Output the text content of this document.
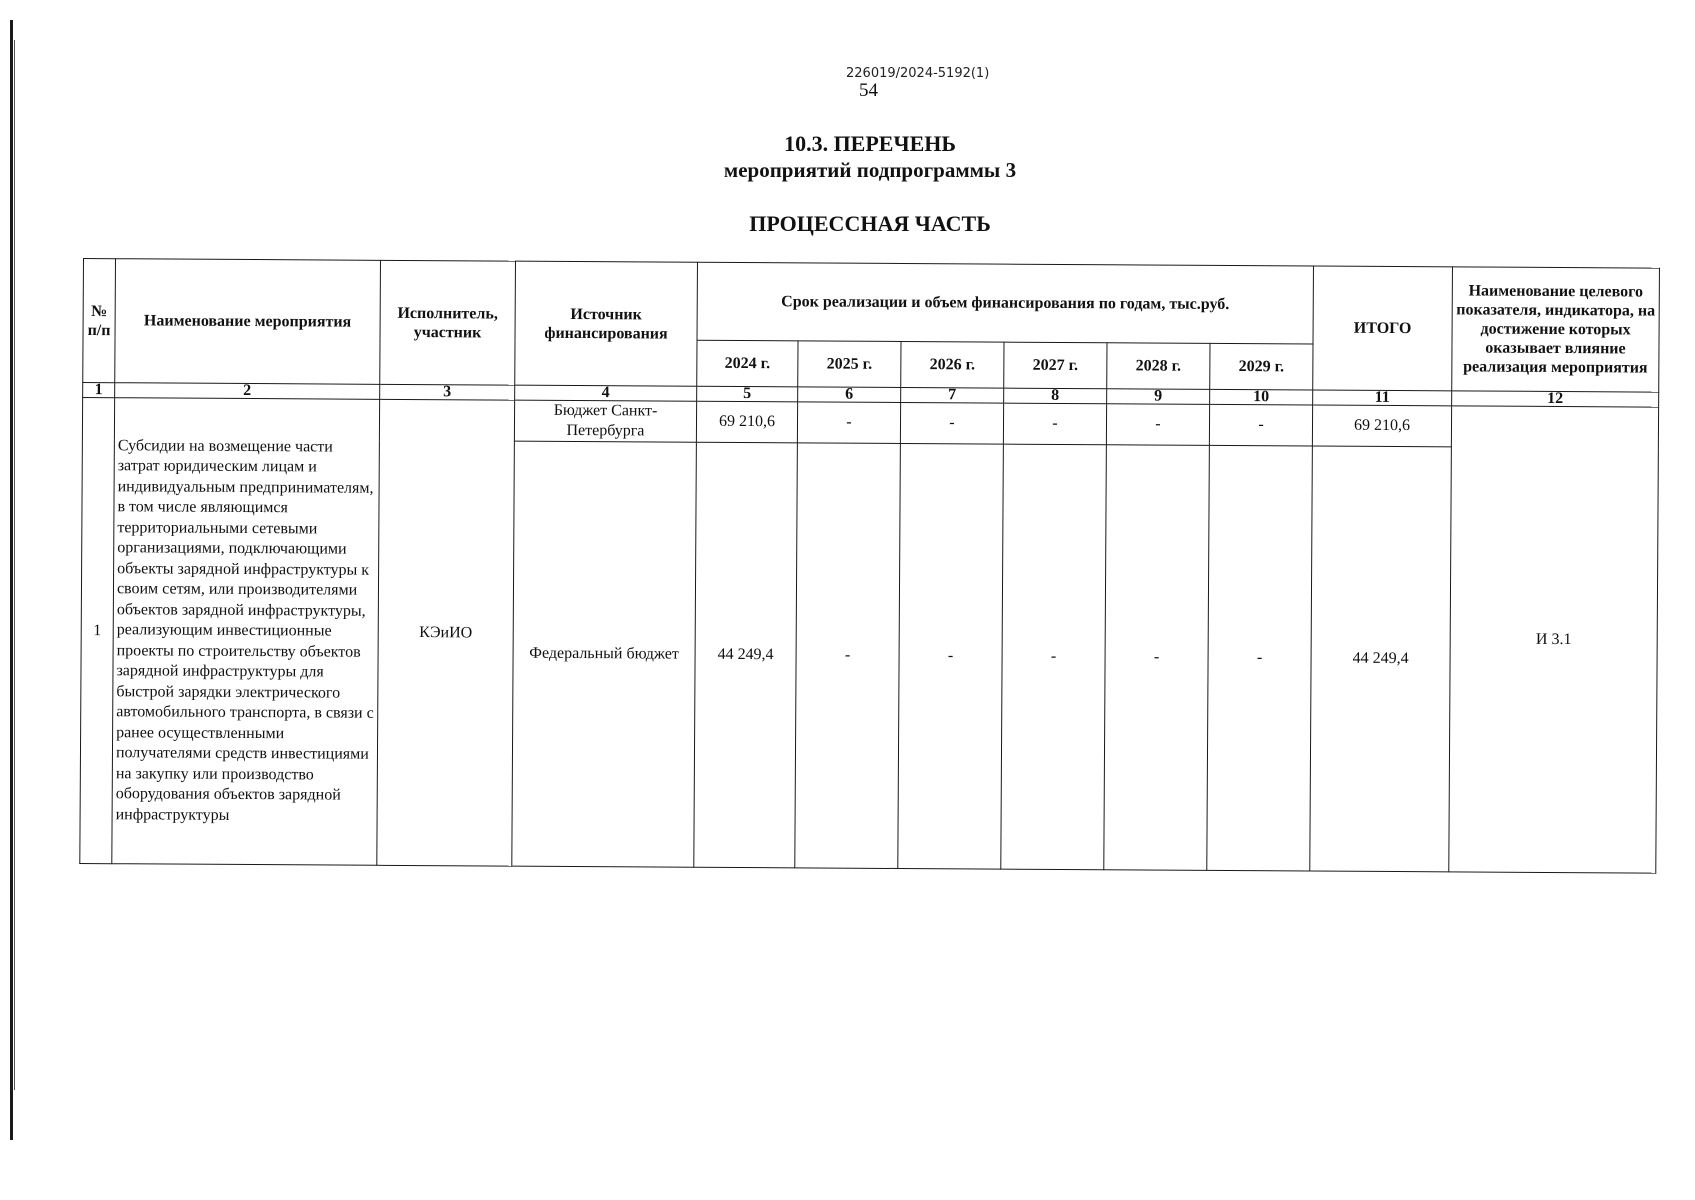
226019/2024-5192(1)
54
10.3. ПЕРЕЧЕНЬ
мероприятий подпрограммы 3
ПРОЦЕССНАЯ ЧАСТЬ
№ п/п	Наименование мероприятия	Исполнитель, участник	Источник финансирования	Срок реализации и объем финансирования по годам, тыс.руб.						ИТОГО	Наименование целевого показателя, индикатора, на достижение которых оказывает влияние реализация мероприятия
				2024 г.	2025 г.	2026 г.	2027 г.	2028 г.	2029 г.		
1	2	3	4	5	6	7	8	9	10	11	12
1	Субсидии на возмещение части затрат юридическим лицам и индивидуальным предпринимателям, в том числе являющимся территориальными сетевыми организациями, подключающими объекты зарядной инфраструктуры к своим сетям, или производителями объектов зарядной инфраструктуры, реализующим инвестиционные проекты по строительству объектов зарядной инфраструктуры для быстрой зарядки электрического автомобильного транспорта, в связи с ранее осуществленными получателями средств инвестициями на закупку или производство оборудования объектов зарядной инфраструктуры	КЭиИО	Бюджет Санкт-Петербурга	69 210,6	-	-	-	-	-	69 210,6	И 3.1
			Федеральный бюджет	44 249,4	-	-	-	-	-	44 249,4	
